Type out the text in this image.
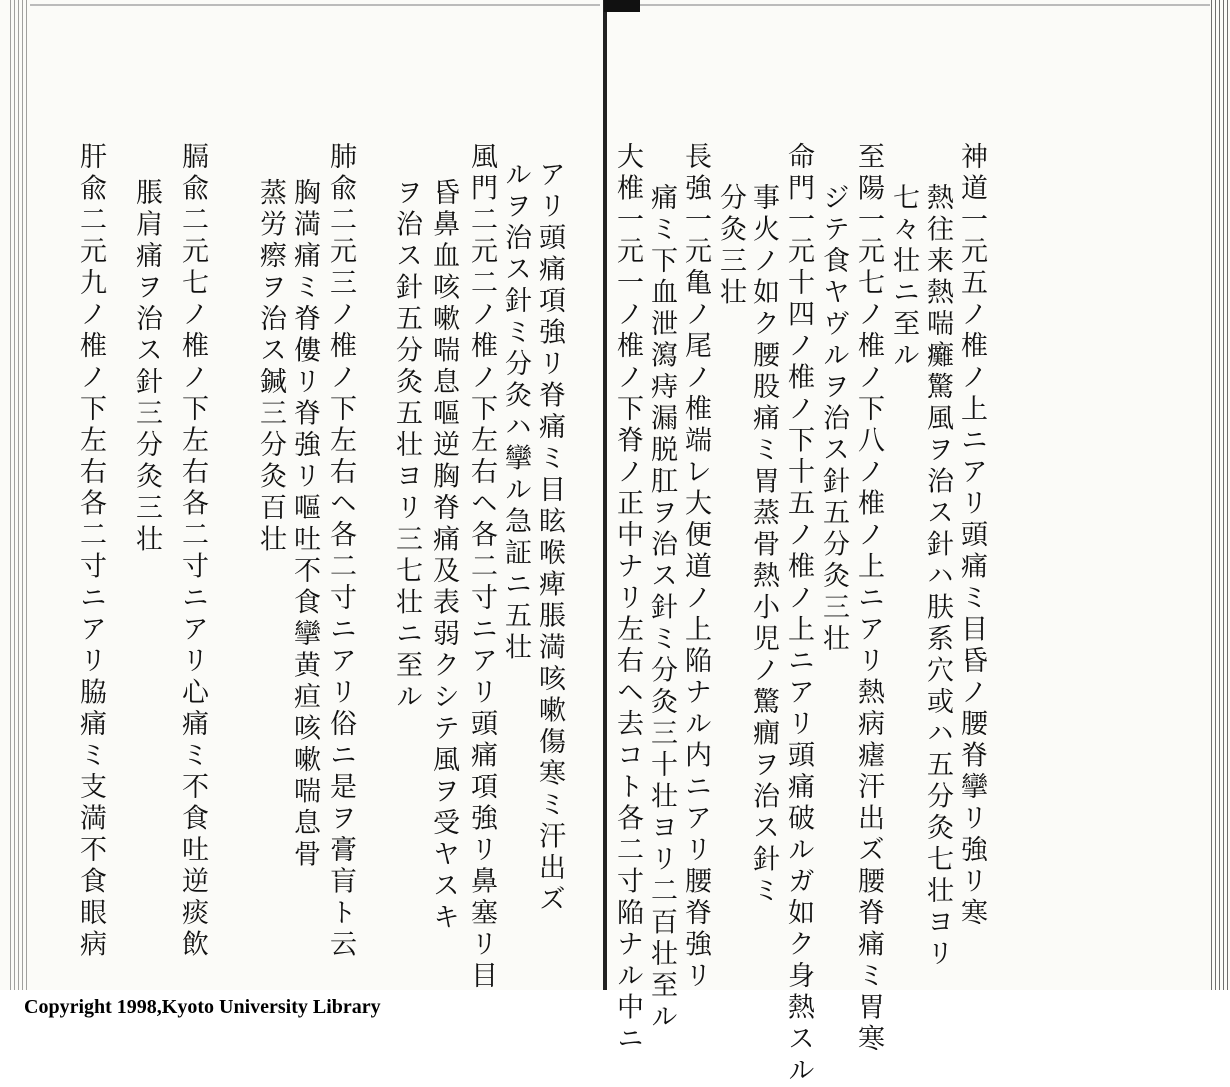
神道一元五ノ椎ノ上ニアリ頭痛ミ目昏ノ腰脊攣リ強リ寒
熱往来熱喘癱驚風ヲ治ス針ハ肤系穴或ハ五分灸七壮ヨリ
七々壮ニ至ル
至陽一元七ノ椎ノ下八ノ椎ノ上ニアリ熱病瘧汗出ズ腰脊痛ミ胃寒
ジテ食ヤヴルヲ治ス針五分灸三壮
命門一元十四ノ椎ノ下十五ノ椎ノ上ニアリ頭痛破ルガ如ク身熱スル
事火ノ如ク腰股痛ミ胃蒸骨熱小児ノ驚癇ヲ治ス針ミ
分灸三壮
長強一元亀ノ尾ノ椎端レ大便道ノ上陥ナル内ニアリ腰脊強リ
痛ミ下血泄瀉痔漏脱肛ヲ治ス針ミ分灸三十壮ヨリ二百壮至ル
大椎一元一ノ椎ノ下脊ノ正中ナリ左右ヘ去コト各二寸陥ナル中ニ
アリ頭痛項強リ脊痛ミ目眩喉痺脹満咳嗽傷寒ミ汗出ズ
ルヲ治ス針ミ分灸ハ攣ル急証ニ五壮
風門二元二ノ椎ノ下左右ヘ各二寸ニアリ頭痛項強リ鼻塞リ目
昏鼻血咳嗽喘息嘔逆胸脊痛及表弱クシテ風ヲ受ヤスキ
ヲ治ス針五分灸五壮ヨリ三七壮ニ至ル
肺兪二元三ノ椎ノ下左右ヘ各二寸ニアリ俗ニ是ヲ膏肓ト云
胸満痛ミ脊僂リ脊強リ嘔吐不食攣黄疸咳嗽喘息骨
蒸労瘵ヲ治ス鍼三分灸百壮
膈兪二元七ノ椎ノ下左右各二寸ニアリ心痛ミ不食吐逆痰飲
脹肩痛ヲ治ス針三分灸三壮
肝兪二元九ノ椎ノ下左右各二寸ニアリ脇痛ミ支満不食眼病
Copyright 1998,Kyoto University Library
